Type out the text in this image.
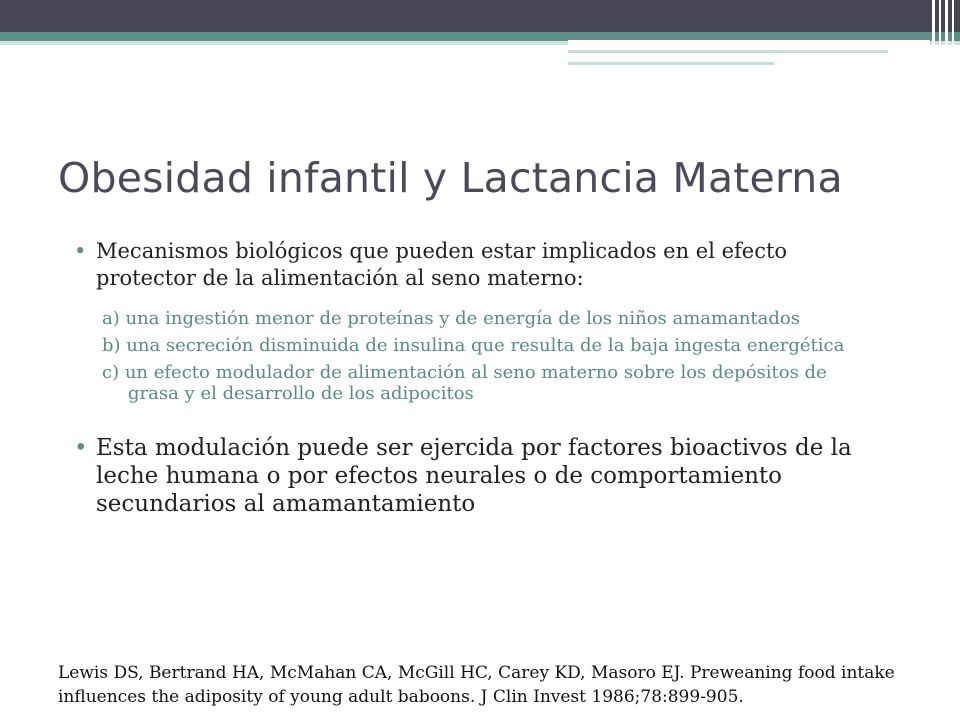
Obesidad infantil y Lactancia Materna
• Mecanismos biológicos que pueden estar implicados en el efecto protector de la alimentación al seno materno:
a) una ingestión menor de proteínas y de energía de los niños amamantados
b) una secreción disminuida de insulina que resulta de la baja ingesta energética
c) un efecto modulador de alimentación al seno materno sobre los depósitos de grasa y el desarrollo de los adipocitos
• Esta modulación puede ser ejercida por factores bioactivos de la leche humana o por efectos neurales o de comportamiento secundarios al amamantamiento
Lewis DS, Bertrand HA, McMahan CA, McGill HC, Carey KD, Masoro EJ. Preweaning food intake influences the adiposity of young adult baboons. J Clin Invest 1986;78:899-905.
